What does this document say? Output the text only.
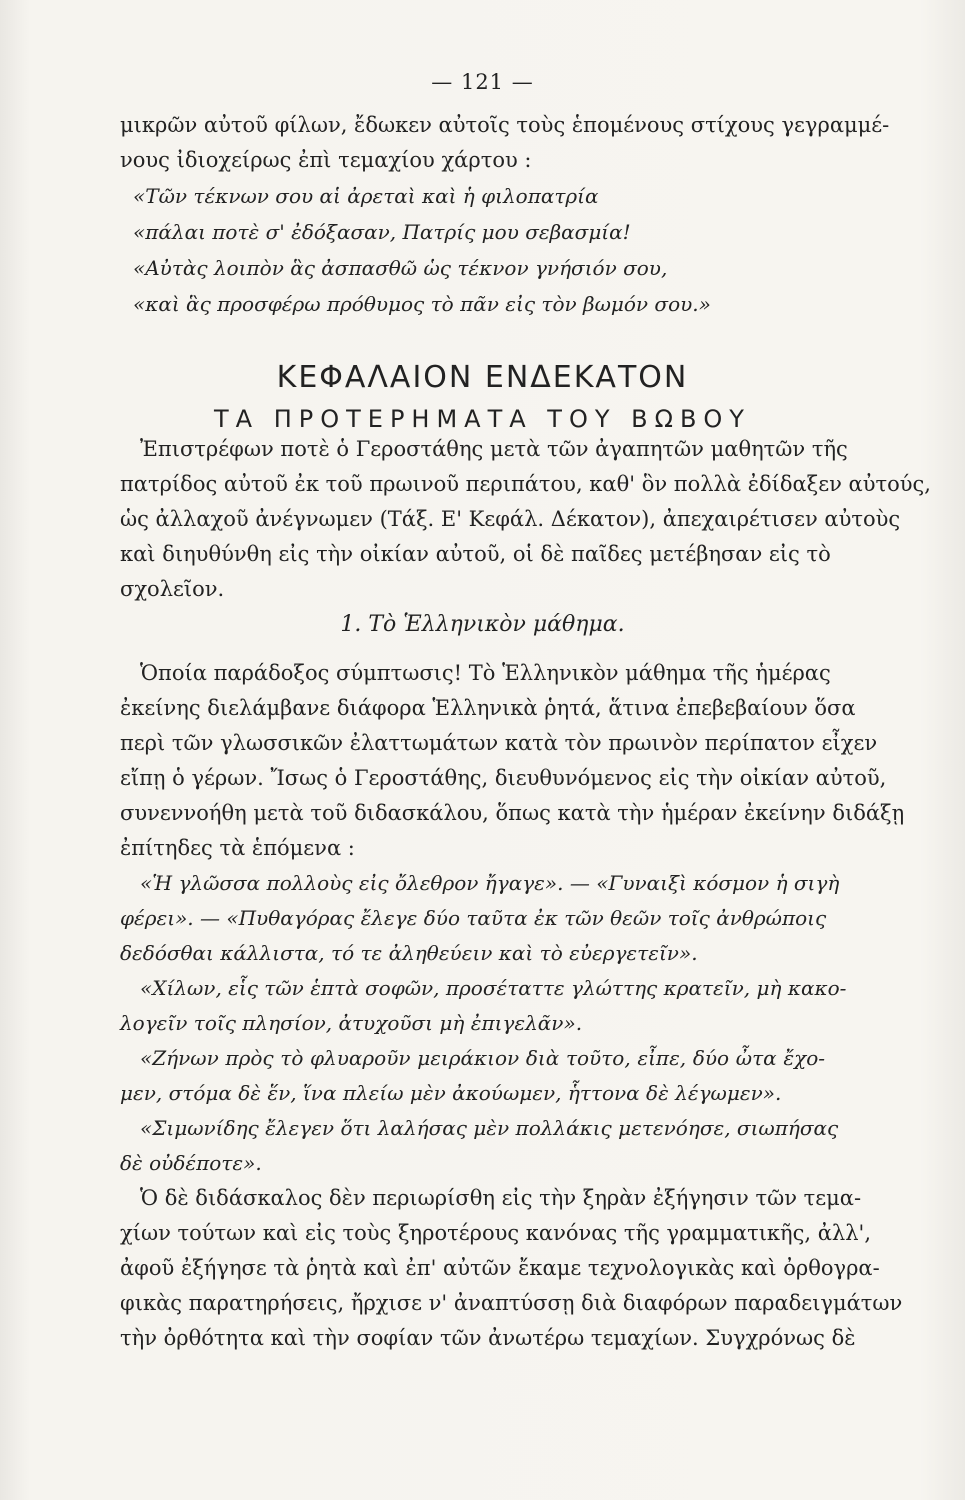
— 121 —
μικρῶν αὐτοῦ φίλων, ἔδωκεν αὐτοῖς τοὺς ἑπομένους στίχους γεγραμμέ-
νους ἰδιοχείρως ἐπὶ τεμαχίου χάρτου :
«Τῶν τέκνων σου αἱ ἀρεταὶ καὶ ἡ φιλοπατρία
«πάλαι ποτὲ σ' ἐδόξασαν, Πατρίς μου σεβασμία!
«Αὐτὰς λοιπὸν ἃς ἀσπασθῶ ὡς τέκνον γνήσιόν σου,
«καὶ ἃς προσφέρω πρόθυμος τὸ πᾶν εἰς τὸν βωμόν σου.»
ΚΕΦΑΛΑΙΟΝ ΕΝΔΕΚΑΤΟΝ
ΤΑ ΠΡΟΤΕΡΗΜΑΤΑ ΤΟΥ ΒΩΒΟΥ
Ἐπιστρέφων ποτὲ ὁ Γεροστάθης μετὰ τῶν ἀγαπητῶν μαθητῶν τῆς
πατρίδος αὐτοῦ ἐκ τοῦ πρωινοῦ περιπάτου, καθ' ὃν πολλὰ ἐδίδαξεν αὐτούς,
ὡς ἀλλαχοῦ ἀνέγνωμεν (Τάξ. Ε' Κεφάλ. Δέκατον), ἀπεχαιρέτισεν αὐτοὺς
καὶ διηυθύνθη εἰς τὴν οἰκίαν αὐτοῦ, οἱ δὲ παῖδες μετέβησαν εἰς τὸ
σχολεῖον.
1. Τὸ Ἑλληνικὸν μάθημα.
Ὁποία παράδοξος σύμπτωσις! Τὸ Ἑλληνικὸν μάθημα τῆς ἡμέρας
ἐκείνης διελάμβανε διάφορα Ἑλληνικὰ ῥητά, ἅτινα ἐπεβεβαίουν ὅσα
περὶ τῶν γλωσσικῶν ἐλαττωμάτων κατὰ τὸν πρωινὸν περίπατον εἶχεν
εἴπῃ ὁ γέρων. Ἴσως ὁ Γεροστάθης, διευθυνόμενος εἰς τὴν οἰκίαν αὐτοῦ,
συνεννοήθη μετὰ τοῦ διδασκάλου, ὅπως κατὰ τὴν ἡμέραν ἐκείνην διδάξῃ
ἐπίτηδες τὰ ἑπόμενα :
«Ἡ γλῶσσα πολλοὺς εἰς ὄλεθρον ἤγαγε». — «Γυναιξὶ κόσμον ἡ σιγὴ
φέρει». — «Πυθαγόρας ἔλεγε δύο ταῦτα ἐκ τῶν θεῶν τοῖς ἀνθρώποις
δεδόσθαι κάλλιστα, τό τε ἀληθεύειν καὶ τὸ εὐεργετεῖν».
«Χίλων, εἷς τῶν ἑπτὰ σοφῶν, προσέταττε γλώττης κρατεῖν, μὴ κακο-
λογεῖν τοῖς πλησίον, ἀτυχοῦσι μὴ ἐπιγελᾶν».
«Ζήνων πρὸς τὸ φλυαροῦν μειράκιον διὰ τοῦτο, εἶπε, δύο ὦτα ἔχο-
μεν, στόμα δὲ ἕν, ἵνα πλείω μὲν ἀκούωμεν, ἧττονα δὲ λέγωμεν».
«Σιμωνίδης ἔλεγεν ὅτι λαλήσας μὲν πολλάκις μετενόησε, σιωπήσας
δὲ οὐδέποτε».
Ὁ δὲ διδάσκαλος δὲν περιωρίσθη εἰς τὴν ξηρὰν ἐξήγησιν τῶν τεμα-
χίων τούτων καὶ εἰς τοὺς ξηροτέρους κανόνας τῆς γραμματικῆς, ἀλλ',
ἀφοῦ ἐξήγησε τὰ ῥητὰ καὶ ἐπ' αὐτῶν ἔκαμε τεχνολογικὰς καὶ ὀρθογρα-
φικὰς παρατηρήσεις, ἤρχισε ν' ἀναπτύσσῃ διὰ διαφόρων παραδειγμάτων
τὴν ὀρθότητα καὶ τὴν σοφίαν τῶν ἀνωτέρω τεμαχίων. Συγχρόνως δὲ
